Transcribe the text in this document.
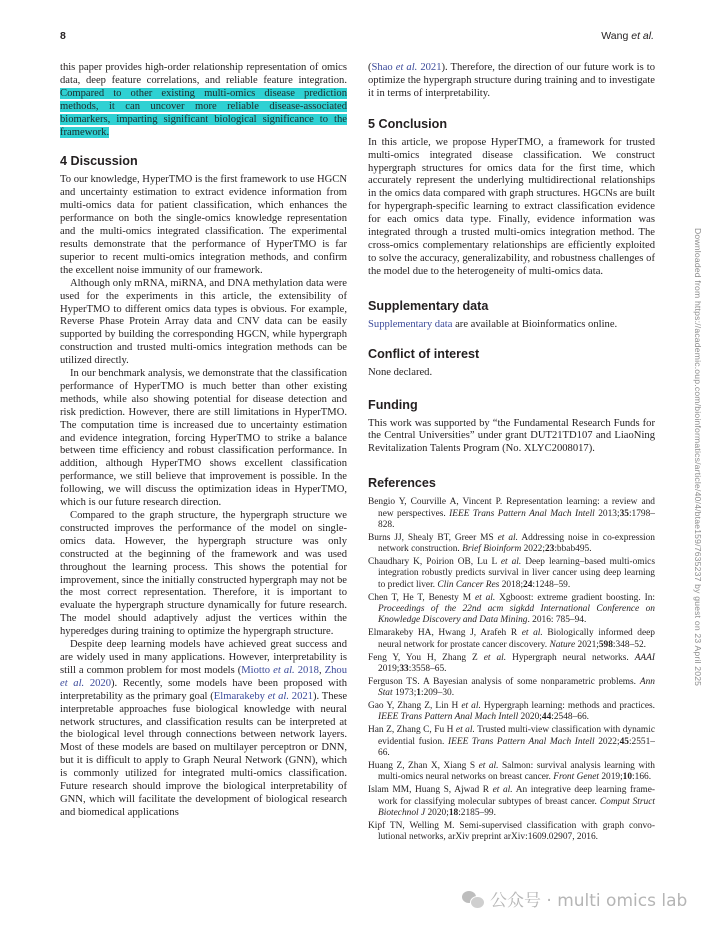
8	Wang et al.

this paper provides high-order relationship representation of omics data, deep feature correlations, and reliable feature integration. Compared to other existing multi-omics disease prediction methods, it can uncover more reliable disease-associated biomarkers, imparting significant biological significance to the framework.

4 Discussion

To our knowledge, HyperTMO is the first framework to use HGCN and uncertainty estimation to extract evidence information from multi-omics data for patient classification, which enhances the performance on both the single-omics knowledge representation and the multi-omics integrated classification. The experimental results demonstrate that the performance of HyperTMO is far superior to recent multi-omics integration methods, and confirm the excellent noise immunity of our framework.

Although only mRNA, miRNA, and DNA methylation data were used for the experiments in this article, the extensibility of HyperTMO to different omics data types is obvious. For example, Reverse Phase Protein Array data and CNV data can be easily supported by building the corresponding HGCN, while hypergraph construction and trusted multi-omics integration methods can be utilized directly.

In our benchmark analysis, we demonstrate that the classification performance of HyperTMO is much better than other existing methods, while also showing potential for disease detection and risk prediction. However, there are still limitations in HyperTMO. The computation time is increased due to uncertainty estimation and evidence integration, forcing HyperTMO to strike a balance between time efficiency and robust classification performance. In addition, although HyperTMO shows excellent classification performance, we still believe that improvement is possible. In the following, we will discuss the optimization ideas in HyperTMO, which is our future research direction.

Compared to the graph structure, the hypergraph structure we constructed improves the performance of the model on single-omics data. However, the hypergraph structure was only constructed at the beginning of the framework and was used throughout the learning process. This shows the potential for improvement, since the initially constructed hypergraph may not be the most correct representation. Therefore, it is important to evaluate the hypergraph structure dynamically for future research. The model should adaptively adjust the vertices within the hyperedges during training to optimize the hypergraph structure.

Despite deep learning models have achieved great success and are widely used in many applications. However, interpretability is still a common problem for most models (Miotto et al. 2018, Zhou et al. 2020). Recently, some models have been proposed with interpretability as the primary goal (Elmarakeby et al. 2021). These interpretable approaches fuse biological knowledge with neural network structures, and classification results can be interpreted at the biological level through connections between network layers. Most of these models are based on multilayer perceptron or DNN, but it is difficult to apply to Graph Neural Network (GNN), which is commonly utilized for integrated multi-omics classification. Future research should improve the biological interpretability of GNN, which will facilitate the development of biological research and biomedical applications

(Shao et al. 2021). Therefore, the direction of our future work is to optimize the hypergraph structure during training and to investigate it in terms of interpretability.

5 Conclusion

In this article, we propose HyperTMO, a framework for trusted multi-omics integrated disease classification. We construct hypergraph structures for omics data for the first time, which accurately represent the underlying multidirectional relationships in the omics data compared with graph structures. HGCNs are built for hypergraph-specific learning to extract classification evidence for each omics data type. Finally, evidence information was integrated through a trusted multi-omics integration method. The cross-omics complementary relationships are efficiently exploited to solve the accuracy, generalizability, and robustness challenges of the model due to the heterogeneity of multi-omics data.

Supplementary data

Supplementary data are available at Bioinformatics online.

Conflict of interest

None declared.

Funding

This work was supported by “the Fundamental Research Funds for the Central Universities” under grant DUT21TD107 and LiaoNing Revitalization Talents Program (No. XLYC2008017).

References
Bengio Y, Courville A, Vincent P. Representation learning: a review and new perspectives. IEEE Trans Pattern Anal Mach Intell 2013;35:1798–828.
Burns JJ, Shealy BT, Greer MS et al. Addressing noise in co-expression network construction. Brief Bioinform 2022;23:bbab495.
Chaudhary K, Poirion OB, Lu L et al. Deep learning–based multi-omics integration robustly predicts survival in liver cancer using deep learning to predict liver. Clin Cancer Res 2018;24:1248–59.
Chen T, He T, Benesty M et al. Xgboost: extreme gradient boosting. In: Proceedings of the 22nd acm sigkdd International Conference on Knowledge Discovery and Data Mining. 2016: 785–94.
Elmarakeby HA, Hwang J, Arafeh R et al. Biologically informed deep neural network for prostate cancer discovery. Nature 2021;598:348–52.
Feng Y, You H, Zhang Z et al. Hypergraph neural networks. AAAI 2019;33:3558–65.
Ferguson TS. A Bayesian analysis of some nonparametric problems. Ann Stat 1973;1:209–30.
Gao Y, Zhang Z, Lin H et al. Hypergraph learning: methods and practices. IEEE Trans Pattern Anal Mach Intell 2020;44:2548–66.
Han Z, Zhang C, Fu H et al. Trusted multi-view classification with dynamic evidential fusion. IEEE Trans Pattern Anal Mach Intell 2022;45:2551–66.
Huang Z, Zhan X, Xiang S et al. Salmon: survival analysis learning with multi-omics neural networks on breast cancer. Front Genet 2019;10:166.
Islam MM, Huang S, Ajwad R et al. An integrative deep learning framework for classifying molecular subtypes of breast cancer. Comput Struct Biotechnol J 2020;18:2185–99.
Kipf TN, Welling M. Semi-supervised classification with graph convolutional networks, arXiv preprint arXiv:1609.02907, 2016.
Downloaded from https://academic.oup.com/bioinformatics/article/40/4/btae159/7635237 by guest on 23 April 2025
公众号 · multi omics lab
